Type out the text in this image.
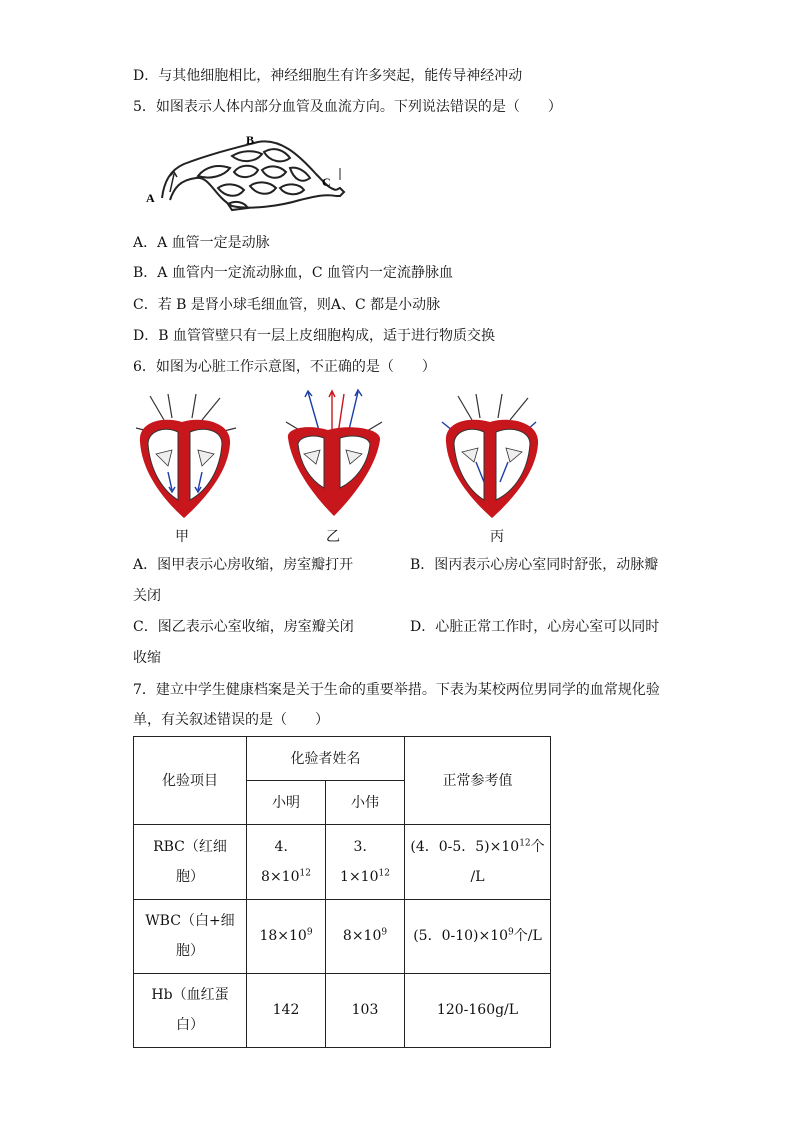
D．与其他细胞相比，神经细胞生有许多突起，能传导神经冲动
5．如图表示人体内部分血管及血流方向。下列说法错误的是（　　）
A
B
C
A．A 血管一定是动脉
B．A 血管内一定流动脉血，C 血管内一定流静脉血
C．若 B 是肾小球毛细血管，则A、C 都是小动脉
D．B 血管管壁只有一层上皮细胞构成，适于进行物质交换
6．如图为心脏工作示意图，不正确的是（　　）
甲	乙	丙
A．图甲表示心房收缩，房室瓣打开	B．图丙表示心房心室同时舒张，动脉瓣
关闭
C．图乙表示心室收缩，房室瓣关闭	D．心脏正常工作时，心房心室可以同时
收缩
7．建立中学生健康档案是关于生命的重要举措。下表为某校两位男同学的血常规化验
单，有关叙述错误的是（　　）
化验项目	化验者姓名		正常参考值
	小明	小伟	
RBC（红细
胞）	4．$8\times 10^{12}$	3．$1\times 10^{12}$	(4．0-5．$5)\times 10^{12}$个
/L
WBC（白+细
胞）	$18\times 10^9$	$8\times 10^9$	(5．$0-10)\times 10^9$个/L
Hb（血红蛋
白）	142	103	120-160g/L
